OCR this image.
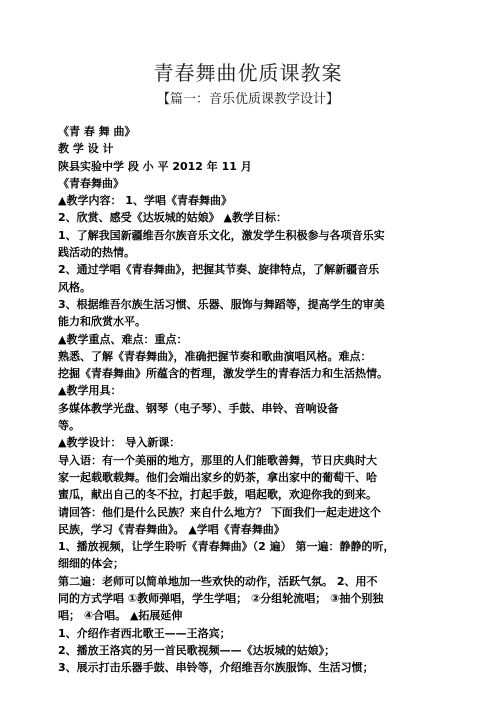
青春舞曲优质课教案
【篇一：音乐优质课教学设计】
《青 春 舞 曲》
教 学 设 计
陕县实验中学 段 小 平 2012 年 11 月
《青春舞曲》
▲教学内容： 1、学唱《青春舞曲》
2、欣赏、感受《达坂城的姑娘》 ▲教学目标：
1、了解我国新疆维吾尔族音乐文化，激发学生积极参与各项音乐实
践活动的热情。
2、通过学唱《青春舞曲》，把握其节奏、旋律特点，了解新疆音乐
风格。
3、根据维吾尔族生活习惯、乐器、服饰与舞蹈等，提高学生的审美
能力和欣赏水平。
▲教学重点、难点：重点：
熟悉、了解《青春舞曲》，准确把握节奏和歌曲演唱风格。难点：
挖掘《青春舞曲》所蕴含的哲理，激发学生的青春活力和生活热情。
▲教学用具：
多媒体教学光盘、钢琴（电子琴）、手鼓、串铃、音响设备
等。
▲教学设计： 导入新课：
导入语：有一个美丽的地方，那里的人们能歌善舞，节日庆典时大
家一起载歌载舞。他们会端出家乡的奶茶，拿出家中的葡萄干、哈
蜜瓜，献出自己的冬不拉，打起手鼓，唱起歌，欢迎你我的到来。
请回答：他们是什么民族？来自什么地方？ 下面我们一起走进这个
民族，学习《青春舞曲》。 ▲学唱《青春舞曲》
1、播放视频，让学生聆听《青春舞曲》（2 遍） 第一遍：静静的听，
细细的体会；
第二遍：老师可以简单地加一些欢快的动作，活跃气氛。 2、用不
同的方式学唱 ①教师弹唱，学生学唱； ②分组轮流唱； ③抽个别独
唱； ④合唱。 ▲拓展延伸
1、介绍作者西北歌王——王洛宾；
2、播放王洛宾的另一首民歌视频——《达坂城的姑娘》；
3、展示打击乐器手鼓、串铃等，介绍维吾尔族服饰、生活习惯；
